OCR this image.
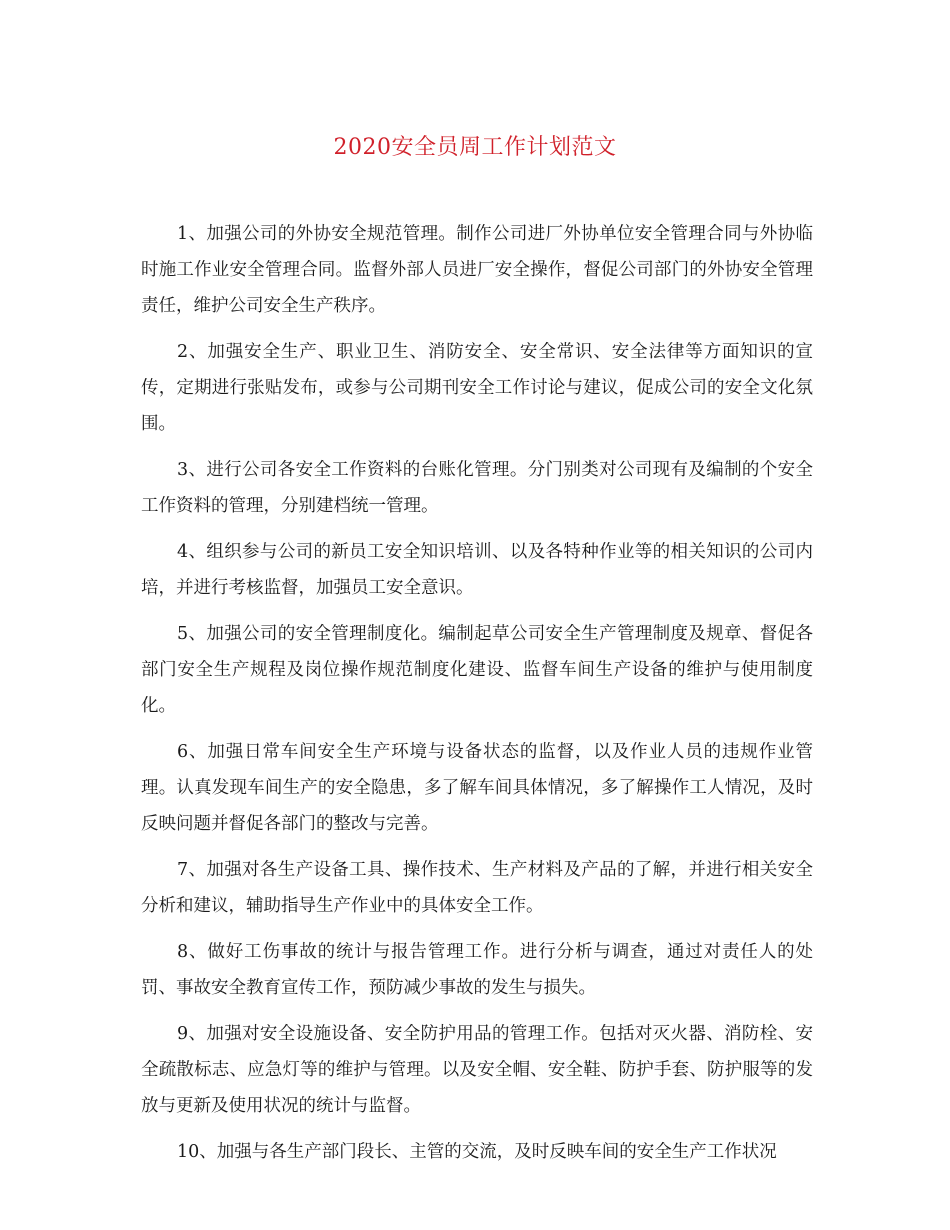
2020安全员周工作计划范文

1、加强公司的外协安全规范管理。制作公司进厂外协单位安全管理合同与外协临时施工作业安全管理合同。监督外部人员进厂安全操作，督促公司部门的外协安全管理责任，维护公司安全生产秩序。

2、加强安全生产、职业卫生、消防安全、安全常识、安全法律等方面知识的宣传，定期进行张贴发布，或参与公司期刊安全工作讨论与建议，促成公司的安全文化氛围。

3、进行公司各安全工作资料的台账化管理。分门别类对公司现有及编制的个安全工作资料的管理，分别建档统一管理。

4、组织参与公司的新员工安全知识培训、以及各特种作业等的相关知识的公司内培，并进行考核监督，加强员工安全意识。

5、加强公司的安全管理制度化。编制起草公司安全生产管理制度及规章、督促各部门安全生产规程及岗位操作规范制度化建设、监督车间生产设备的维护与使用制度化。

6、加强日常车间安全生产环境与设备状态的监督，以及作业人员的违规作业管理。认真发现车间生产的安全隐患，多了解车间具体情况，多了解操作工人情况，及时反映问题并督促各部门的整改与完善。

7、加强对各生产设备工具、操作技术、生产材料及产品的了解，并进行相关安全分析和建议，辅助指导生产作业中的具体安全工作。

8、做好工伤事故的统计与报告管理工作。进行分析与调查，通过对责任人的处罚、事故安全教育宣传工作，预防减少事故的发生与损失。

9、加强对安全设施设备、安全防护用品的管理工作。包括对灭火器、消防栓、安全疏散标志、应急灯等的维护与管理。以及安全帽、安全鞋、防护手套、防护服等的发放与更新及使用状况的统计与监督。

10、加强与各生产部门段长、主管的交流，及时反映车间的安全生产工作状况
